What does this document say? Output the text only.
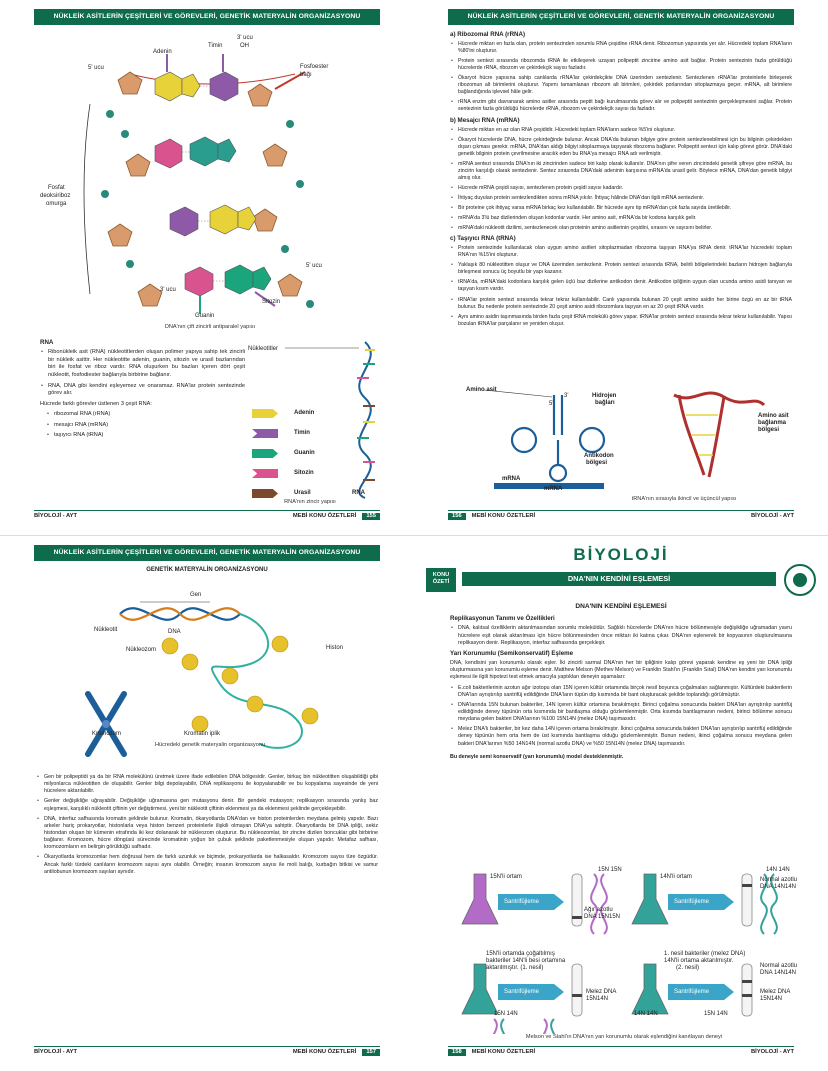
NÜKLEİK ASİTLERİN ÇEŞİTLERİ VE GÖREVLERİ, GENETİK MATERYALİN ORGANİZASYONU
Adenin
Timin
3' ucu
OH
5' ucu	Fosfoester
bağı
Fosfat
deoksiriboz
omurga
Guanin
Sitozin
5' ucu
3' ucu
DNA'nın çift zincirli antiparalel yapısı
RNA
• Ribonükleik asit (RNA) nükleotitlerden oluşan polimer yapıya sahip tek zincirli bir nükleik asittir. Her nükleotitte adenin, guanin, sitozin ve urasil bazlarından biri ile fosfat ve riboz vardır. RNA oluşurken bu bazları içeren dört çeşit nükleotit, fosfodiester bağlarıyla birbirine bağlanır.
• RNA, DNA gibi kendini eşleyemez ve onaramaz. RNA'lar protein sentezinde görev alır.

Hücrede farklı görevler üstlenen 3 çeşit RNA:

• ribozomal RNA (rRNA)
• mesajcı RNA (mRNA)
• taşıyıcı RNA (tRNA)
Nükleotitler
Adenin
Timin
Guanin
Sitozin
Urasil	RNA
RNA'nın zincir yapısı
BİYOLOJİ - AYT	MEBİ KONU ÖZETLERİ	155
NÜKLEİK ASİTLERİN ÇEŞİTLERİ VE GÖREVLERİ, GENETİK MATERYALİN ORGANİZASYONU
a) Ribozomal RNA (rRNA)
• Hücrede miktarı en fazla olan, protein sentezinden sorumlu RNA çeşidine rRNA denir. Ribozomun yapısında yer alır. Hücredeki toplam RNA'ların %80'ini oluşturur.
• Protein sentezi sırasında ribozomda tRNA ile etkileşerek uzayan polipeptit zincirine amino asit bağlar. Protein sentezinin fazla görüldüğü hücrelerde rRNA, ribozom ve çekirdekçik sayısı fazladır.
• Ökaryot hücre yapısına sahip canlılarda rRNA'lar çekirdekçikte DNA üzerinden sentezlenir. Sentezlenen rRNA'lar proteinlerle birleşerek ribozomun alt birimlerini oluşturur. Yapımı tamamlanan ribozom alt birimleri, çekirdek porlarından sitoplazmaya geçer. mRNA, alt birimlere bağlandığında işlevsel hâle gelir.
• rRNA enzim gibi davranarak amino asitler arasında peptit bağı kurulmasında görev alır ve polipeptit sentezinin gerçekleşmesini sağlar. Protein sentezinin fazla görüldüğü hücrelerde rRNA, ribozom ve çekirdekçik sayısı da fazladır.
b) Mesajcı RNA (mRNA)
• Hücrede miktarı en az olan RNA çeşididir. Hücredeki toplam RNA'ların sadece %5'ini oluşturur.
• Ökaryot hücrelerde DNA, hücre çekirdeğinde bulunur. Ancak DNA'da bulunan bilgiye göre protein sentezlenebilmesi için bu bilginin çekirdekten dışarı çıkması gerekir. mRNA, DNA'dan aldığı bilgiyi sitoplazmaya taşıyarak ribozoma bağlanır. Polipeptit sentezi için kalıp görevi görür. DNA'daki genetik bilginin protein çevrilmesine aracılık eden bu RNA'ya mesajcı RNA adı verilmiştir.
• mRNA sentezi sırasında DNA'nın iki zincirinden sadece biri kalıp olarak kullanılır. DNA'nın şifre veren zincirindeki genetik şifreye göre mRNA, bu zincirin karşılığı olarak sentezlenir. Sentez sırasında DNA'daki adeninin karşısına mRNA'da urasil gelir. Böylece mRNA, DNA'dan genetik bilgiyi almış olur.
• Hücrede mRNA çeşidi sayısı, sentezlenen protein çeşidi sayısı kadardır.
• İhtiyaç duyulan protein sentezlendikten sonra mRNA yıkılır. İhtiyaç hâlinde DNA'dan ilgili mRNA sentezlenir.
• Bir proteine çok ihtiyaç varsa mRNA birkaç kez kullanılabilir. Bir hücrede aynı tip mRNA'dan çok fazla sayıda üretilebilir.
• mRNA'da 3'lü baz dizilerinden oluşan kodonlar vardır. Her amino asit, mRNA'da bir kodona karşılık gelir.
• mRNA'daki nükleotit dizilimi, sentezlenecek olan proteinin amino asitlerinin çeşidini, sırasını ve sayısını belirler.
c) Taşıyıcı RNA (tRNA)
• Protein sentezinde kullanılacak olan uygun amino asitleri sitoplazmadan ribozoma taşıyan RNA'ya tRNA denir. tRNA'lar hücredeki toplam RNA'nın %15'ini oluşturur.
• Yaklaşık 80 nükleotitten oluşur ve DNA üzerinden sentezlenir. Protein sentezi sırasında tRNA, belirli bölgelerindeki bazların hidrojen bağlarıyla birleşmesi sonucu üç boyutlu bir yapı kazanır.
• tRNA'da, mRNA'daki kodonlara karşılık gelen üçlü baz dizilerine antikodon denir. Antikodon ipliğinin uygun olan ucunda amino asidi tanıyan ve taşıyan kısım vardır.
• tRNA'lar protein sentezi sırasında tekrar tekrar kullanılabilir. Canlı yapısında bulunan 20 çeşit amino asidin her birine özgü en az bir tRNA bulunur. Bu nedenle protein sentezinde 20 çeşit amino asidi ribozomlara taşıyan en az 20 çeşit tRNA vardır.
• Aynı amino asidin taşınmasında birden fazla çeşit tRNA molekülü görev yapar. tRNA'lar protein sentezi sırasında tekrar tekrar kullanılabilir. Yapısı bozulan tRNA'lar parçalanır ve yeniden oluşur.
Amino asit
3'
5'
Hidrojen
bağları
Antikodon
bölgesi
mRNA
mRNA
Amino asit
bağlanma
bölgesi
tRNA'nın sırasıyla ikincil ve üçüncül yapısı
156	MEBİ KONU ÖZETLERİ	BİYOLOJİ - AYT
NÜKLEİK ASİTLERİN ÇEŞİTLERİ VE GÖREVLERİ, GENETİK MATERYALİN ORGANİZASYONU
GENETİK MATERYALİN ORGANİZASYONU
Gen
Nükleotit	DNA
Nükleozom	Histon
Kromozom	Kromatin iplik
Hücredeki genetik materyalin organizasyonu
• Gen bir polipeptidi ya da bir RNA molekülünü üretmek üzere ifade edilebilen DNA bölgesidir. Genler, birkaç bin nükleotitten oluşabildiği gibi milyonlarca nükleotitten de oluşabilir. Genler bilgi depolayabilir, DNA replikasyonu ile kopyalanabilir ve bu kopyalama sayesinde de yeni hücrelere aktarılabilir.
• Genler değişikliğe uğrayabilir. Değişikliğe uğramasına gen mutasyonu denir. Bir gendeki mutasyon; replikasyon sırasında yanlış baz eşleşmesi, karşılıklı nükleotit çiftinin yer değiştirmesi, yeni bir nükleotit çiftinin eklenmesi ya da eklenmesi şeklinde gerçekleşebilir.
• DNA, interfaz safhasında kromatin şeklinde bulunur. Kromatin, ökaryotlarda DNA'dan ve histon proteinlerden meydana gelmiş yapıdır. Bazı arkeler hariç prokaryotlar, histonlarla veya histon benzeri proteinlerle ilişkili olmayan DNA'ya sahiptir. Ökaryotlarda bir DNA ipliği, sekiz histondan oluşan bir kümenin etrafında iki kez dolanarak bir nükleozom oluşturur. Bu nükleozomlar, bir zincire dizilen boncuklar gibi birbirine bağlanır. Kromozom, hücre döngüsü sürecinde kromatinin yoğun bir çubuk şeklinde paketlenmesiyle oluşan yapıdır. Metafaz safhası, kromozomların en belirgin görüldüğü safhadır.
• Ökaryotlarda kromozomlar hem doğrusal hem de farklı uzunluk ve biçimde, prokaryotlarda ise halkasaldır. Kromozom sayısı türe özgüdür. Ancak farklı türdeki canlıların kromozom sayısı aynı olabilir. Örneğin; insanın kromozom sayısı ile moli balığı, kurbağın bitkisi ve samur antilobunun kromozom sayıları aynıdır.
BİYOLOJİ - AYT	MEBİ KONU ÖZETLERİ	157
BİYOLOJİ
KONU
ÖZETİ	DNA'NIN KENDİNİ EŞLEMESİ
DNA'NIN KENDİNİ EŞLEMESİ
Replikasyonun Tanımı ve Özellikleri
• DNA, kalıtsal özelliklerin aktarılmasından sorumlu moleküldür. Sağlıklı hücrelerde DNA'nın hücre bölünmesiyle değişikliğe uğramadan yavru hücrelere eşit olarak aktarılması için hücre bölünmesinden önce miktarı iki katına çıkar. DNA'nın eşlenerek bir kopyasının oluşturulmasına replikasyon denir. Replikasyon, interfaz safhasında gerçekleşir.
Yarı Korunumlu (Semikonservatif) Eşleme

DNA, kendisini yarı korunumlu olarak eşler. İki zincirli sarmal DNA'nın her bir ipliğinin kalıp görevi yaparak kendine eş yeni bir DNA ipliği oluşturmasına yarı korunumlu eşleme denir. Matthew Melson (Methev Melson) ve Franklin Stahl'ın (Franklin Sıtal) DNA'nın kendini yarı korunumlu eşlemesi ile ilgili hipotezi test etmek amacıyla yaptıkları deneyin aşamaları:

• E.coli bakterilerinin azotun ağır izotopu olan 15N içeren kültür ortamında birçok nesil boyunca çoğalmaları sağlanmıştır. Kültürdeki bakterilerin DNA'ları ayrıştırılıp santrifüj edildiğinde DNA'ların tüpün dip kısmında bir bant oluşturacak şekilde toplandığı görülmüştür.
• DNA'larında 15N bulunan bakteriler, 14N içeren kültür ortamına bırakılmıştır. Birinci çoğalma sonucunda bakteri DNA'ları ayrıştırılıp santrifüj edildiğinde deney tüpünün orta kısmında bir bantlaşma olduğu gözlemlenmiştir. Orta kısımda bantlaşmanın nedeni, birinci bölünme sonucu meydana gelen bakteri DNA'larının %100 15N14N (melez DNA) taşımasıdır.
• Melez DNA'lı bakteriler, bir kez daha 14N içeren ortama bırakılmıştır. İkinci çoğalma sonucunda bakteri DNA'ları ayrıştırılıp santrifüj edildiğinde deney tüpünün hem orta hem de üst kısmında bantlaşma olduğu gözlemlenmiştir. Bunun nedeni, ikinci çoğalma sonucu meydana gelen bakteri DNA'larının %50 14N14N (normal azotlu DNA) ve %50 15N14N (melez DNA) taşımasıdır.

Bu deneyle semi konservatif (yarı korunumlu) model desteklenmiştir.

15N'li ortam
Santrifüjleme
Ağır azotlu
DNA 15N15N
15N 15N
14N'li ortam
Santrifüjleme
Normal azotlu
DNA 14N14N
14N 14N
15N'li ortamda çoğaltılmış
bakteriler 14N'li besi ortamına
aktarılmıştır. (1. nesil)
Santrifüjleme	Melez DNA
15N14N
15N 14N
1. nesil bakteriler (melez DNA)
14N'li ortama aktarılmıştır.
(2. nesil)
Santrifüjleme
Normal azotlu
DNA 14N14N
Melez DNA
15N14N
14N 14N	15N 14N
Melson ve Stahl'ın DNA'nın yarı korunumlu olarak eşlendiğini kanıtlayan deneyi
158	MEBİ KONU ÖZETLERİ	BİYOLOJİ - AYT
